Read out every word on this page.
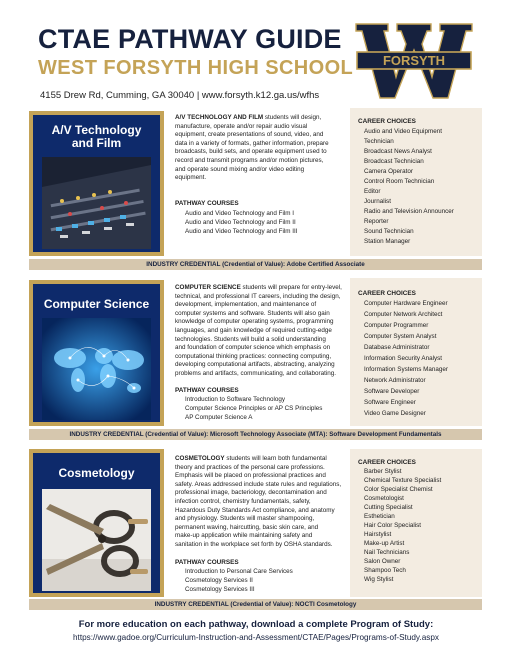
CTAE PATHWAY GUIDE
WEST FORSYTH HIGH SCHOOL
4155 Drew Rd, Cumming, GA 30040 | www.forsyth.k12.ga.us/wfhs
FORSYTH
A/V Technology
and Film
A/V TECHNOLOGY AND FILM students will design,
manufacture, operate and/or repair audio visual
equipment, create presentations of sound, video, and
data in a variety of formats, gather information, prepare
broadcasts, build sets, and operate equipment used to
record and transmit programs and/or motion pictures,
and operate sound mixing and/or video editing
equipment.
PATHWAY COURSES
Audio and Video Technology and Film I
Audio and Video Technology and Film II
Audio and Video Technology and Film III
CAREER CHOICES
Audio and Video Equipment
Technician
Broadcast News Analyst
Broadcast Technician
Camera Operator
Control Room Technician
Editor
Journalist
Radio and Television Announcer
Reporter
Sound Technician
Station Manager
INDUSTRY CREDENTIAL (Credential of Value): Adobe Certified Associate
Computer Science
COMPUTER SCIENCE students will prepare for entry-level,
technical, and professional IT careers, including the design,
development, implementation, and maintenance of
computer systems and software. Students will also gain
knowledge of computer operating systems, programming
languages, and gain knowledge of required cutting-edge
technologies. Students will build a solid understanding
and foundation of computer science which emphasis on
computational thinking practices: connecting computing,
developing computational artifacts, abstracting, analyzing
problems and artifacts, communicating, and collaborating.
PATHWAY COURSES
Introduction to Software Technology
Computer Science Principles or AP CS Principles
AP Computer Science A
CAREER CHOICES
Computer Hardware Engineer
Computer Network Architect
Computer Programmer
Computer System Analyst
Database Administrator
Information Security Analyst
Information Systems Manager
Network Administrator
Software Developer
Software Engineer
Video Game Designer
INDUSTRY CREDENTIAL (Credential of Value): Microsoft Technology Associate (MTA): Software Development Fundamentals
Cosmetology
COSMETOLOGY students will learn both fundamental
theory and practices of the personal care professions.
Emphasis will be placed on professional practices and
safety. Areas addressed include state rules and regulations,
professional image, bacteriology, decontamination and
infection control, chemistry fundamentals, safety,
Hazardous Duty Standards Act compliance, and anatomy
and physiology. Students will master shampooing,
permanent waving, haircutting, basic skin care, and
make-up application while maintaining safety and
sanitation in the workplace set forth by OSHA standards.
PATHWAY COURSES
Introduction to Personal Care Services
Cosmetology Services II
Cosmetology Services III
CAREER CHOICES
Barber Stylist
Chemical Texture Specialist
Color Specialist Chemist
Cosmetologist
Cutting Specialist
Esthetician
Hair Color Specialist
Hairstylist
Make-up Artist
Nail Technicians
Salon Owner
Shampoo Tech
Wig Stylist
INDUSTRY CREDENTIAL (Credential of Value): NOCTI Cosmetology
For more education on each pathway, download a complete Program of Study:
https://www.gadoe.org/Curriculum-Instruction-and-Assessment/CTAE/Pages/Programs-of-Study.aspx
